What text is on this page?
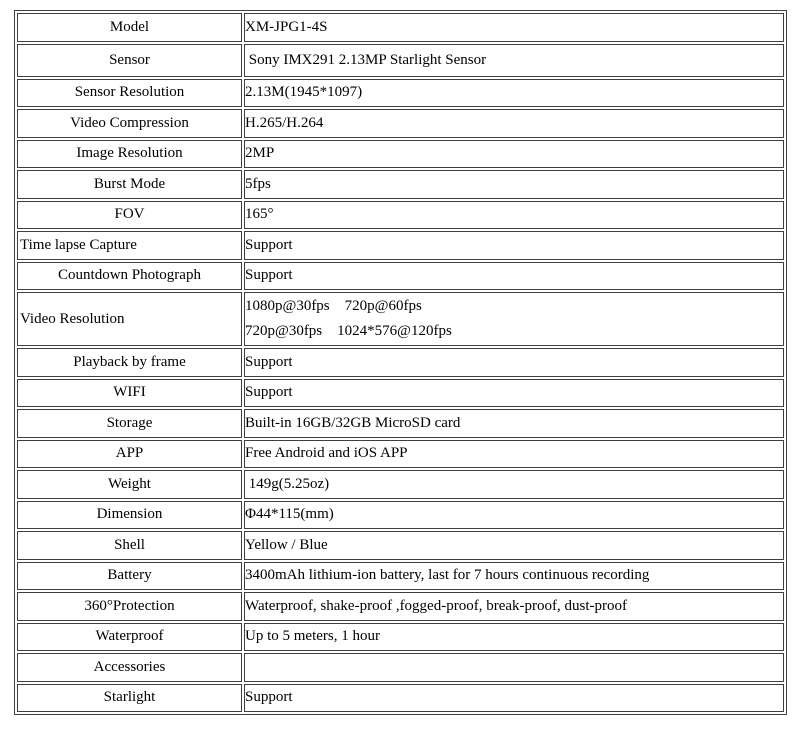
Model	XM-JPG1-4S
Sensor	Sony IMX291 2.13MP Starlight Sensor
Sensor Resolution	2.13M(1945*1097)
Video Compression	H.265/H.264
Image Resolution	2MP
Burst Mode	5fps
FOV	165°
Time lapse Capture	Support
Countdown Photograph	Support
Video Resolution	1080p@30fps    720p@60fps
720p@30fps    1024*576@120fps

Playback by frame	Support
WIFI	Support
Storage	Built-in 16GB/32GB MicroSD card
APP	Free Android and iOS APP
Weight	149g(5.25oz)
Dimension	Φ44*115(mm)
Shell	Yellow / Blue
Battery	3400mAh lithium-ion battery, last for 7 hours continuous recording
360°Protection	Waterproof, shake-proof ,fogged-proof, break-proof, dust-proof
Waterproof	Up to 5 meters, 1 hour
Accessories	
Starlight	Support
